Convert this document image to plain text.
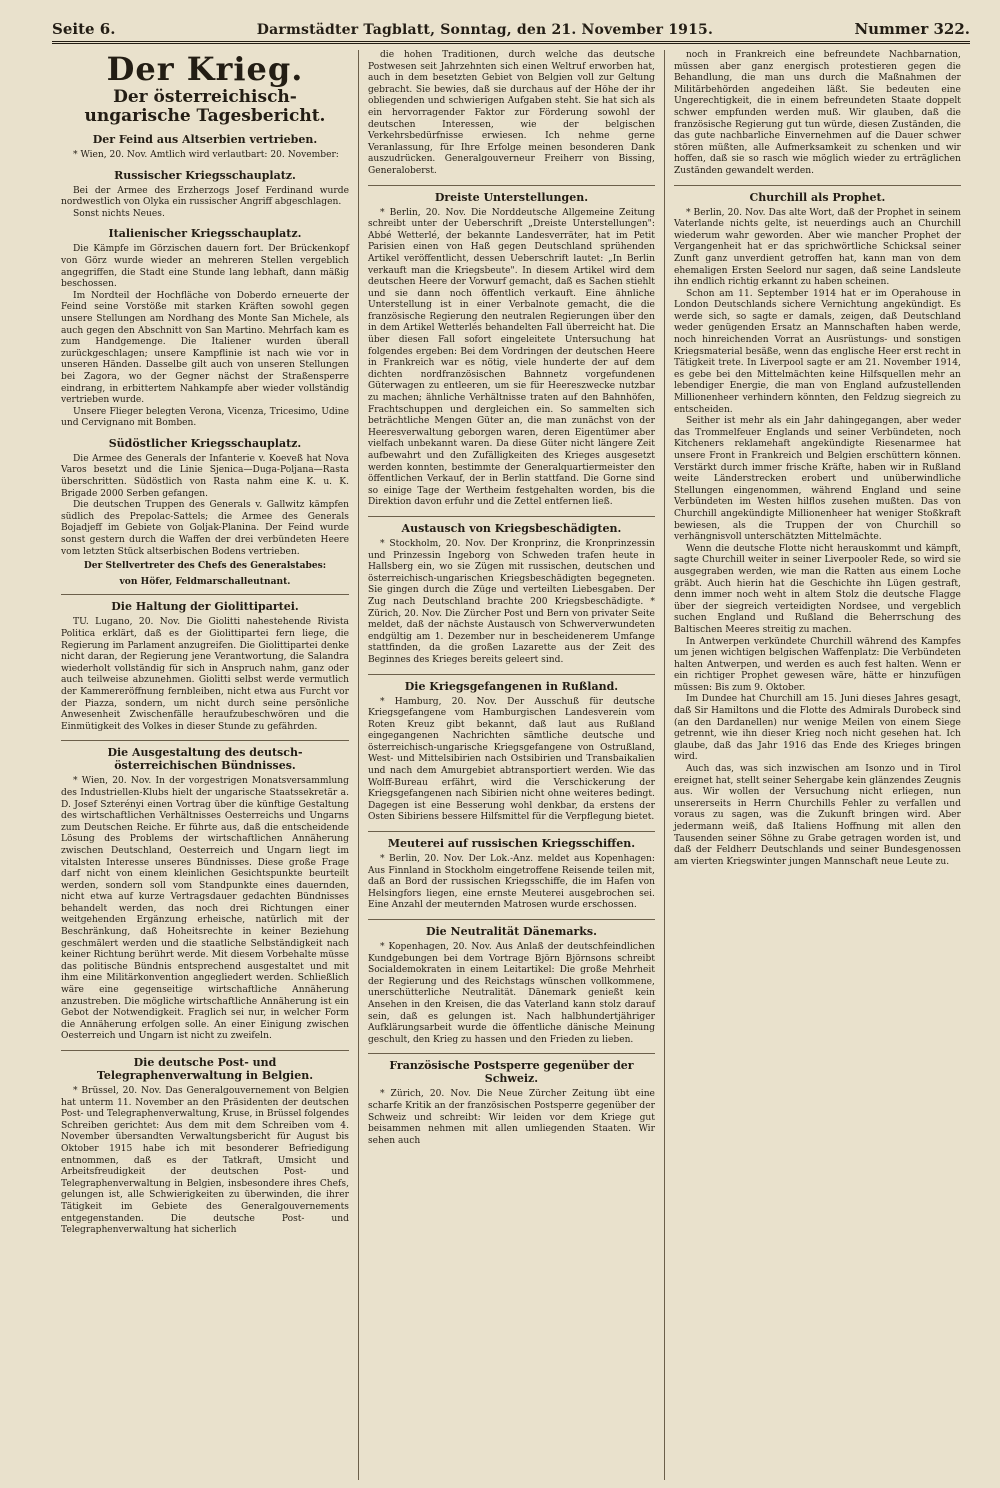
Seite 6.	Darmstädter Tagblatt, Sonntag, den 21. November 1915.	Nummer 322.
Der Krieg.
Der österreichisch-ungarische Tagesbericht.
Der Feind aus Altserbien vertrieben.

* Wien, 20. Nov. Amtlich wird verlautbart: 20. November:

Russischer Kriegsschauplatz.

Bei der Armee des Erzherzogs Josef Ferdinand wurde nordwestlich von Olyka ein russischer Angriff abgeschlagen.

Sonst nichts Neues.

Italienischer Kriegsschauplatz.

Die Kämpfe im Görzischen dauern fort. Der Brückenkopf von Görz wurde wieder an mehreren Stellen vergeblich angegriffen, die Stadt eine Stunde lang lebhaft, dann mäßig beschossen.

Im Nordteil der Hochfläche von Doberdo erneuerte der Feind seine Vorstöße mit starken Kräften sowohl gegen unsere Stellungen am Nordhang des Monte San Michele, als auch gegen den Abschnitt von San Martino. Mehrfach kam es zum Handgemenge. Die Italiener wurden überall zurückgeschlagen; unsere Kampflinie ist nach wie vor in unseren Händen. Dasselbe gilt auch von unseren Stellungen bei Zagora, wo der Gegner nächst der Straßensperre eindrang, in erbittertem Nahkampfe aber wieder vollständig vertrieben wurde.

Unsere Flieger belegten Verona, Vicenza, Tricesimo, Udine und Cervignano mit Bomben.

Südöstlicher Kriegsschauplatz.

Die Armee des Generals der Infanterie v. Koeveß hat Nova Varos besetzt und die Linie Sjenica—Duga-Poljana—Rasta überschritten. Südöstlich von Rasta nahm eine K. u. K. Brigade 2000 Serben gefangen.

Die deutschen Truppen des Generals v. Gallwitz kämpfen südlich des Prepolac-Sattels; die Armee des Generals Bojadjeff im Gebiete von Goljak-Planina. Der Feind wurde sonst gestern durch die Waffen der drei verbündeten Heere vom letzten Stück altserbischen Bodens vertrieben.

Der Stellvertreter des Chefs des Generalstabes:
von Höfer, Feldmarschalleutnant.
Die Haltung der Giolittipartei.

TU. Lugano, 20. Nov. Die Giolitti nahestehende Rivista Politica erklärt, daß es der Giolittipartei fern liege, die Regierung im Parlament anzugreifen. Die Giolittipartei denke nicht daran, der Regierung jene Verantwortung, die Salandra wiederholt vollständig für sich in Anspruch nahm, ganz oder auch teilweise abzunehmen. Giolitti selbst werde vermutlich der Kammereröffnung fernbleiben, nicht etwa aus Furcht vor der Piazza, sondern, um nicht durch seine persönliche Anwesenheit Zwischenfälle heraufzubeschwören und die Einmütigkeit des Volkes in dieser Stunde zu gefährden.

Die Ausgestaltung des deutsch-österreichischen Bündnisses.

* Wien, 20. Nov. In der vorgestrigen Monatsversammlung des Industriellen-Klubs hielt der ungarische Staatssekretär a. D. Josef Szterényi einen Vortrag über die künftige Gestaltung des wirtschaftlichen Verhältnisses Oesterreichs und Ungarns zum Deutschen Reiche. Er führte aus, daß die entscheidende Lösung des Problems der wirtschaftlichen Annäherung zwischen Deutschland, Oesterreich und Ungarn liegt im vitalsten Interesse unseres Bündnisses. Diese große Frage darf nicht von einem kleinlichen Gesichtspunkte beurteilt werden, sondern soll vom Standpunkte eines dauernden, nicht etwa auf kurze Vertragsdauer gedachten Bündnisses behandelt werden, das noch drei Richtungen einer weitgehenden Ergänzung erheische, natürlich mit der Beschränkung, daß Hoheitsrechte in keiner Beziehung geschmälert werden und die staatliche Selbständigkeit nach keiner Richtung berührt werde. Mit diesem Vorbehalte müsse das politische Bündnis entsprechend ausgestaltet und mit ihm eine Militärkonvention angegliedert werden. Schließlich wäre eine gegenseitige wirtschaftliche Annäherung anzustreben. Die mögliche wirtschaftliche Annäherung ist ein Gebot der Notwendigkeit. Fraglich sei nur, in welcher Form die Annäherung erfolgen solle. An einer Einigung zwischen Oesterreich und Ungarn ist nicht zu zweifeln.

Die deutsche Post- und Telegraphenverwaltung in Belgien.

* Brüssel, 20. Nov. Das Generalgouvernement von Belgien hat unterm 11. November an den Präsidenten der deutschen Post- und Telegraphenverwaltung, Kruse, in Brüssel folgendes Schreiben gerichtet: Aus dem mit dem Schreiben vom 4. November übersandten Verwaltungsbericht für August bis Oktober 1915 habe ich mit besonderer Befriedigung entnommen, daß es der Tatkraft, Umsicht und Arbeitsfreudigkeit der deutschen Post- und Telegraphenverwaltung in Belgien, insbesondere ihres Chefs, gelungen ist, alle Schwierigkeiten zu überwinden, die ihrer Tätigkeit im Gebiete des Generalgouvernements entgegenstanden. Die deutsche Post- und Telegraphenverwaltung hat sicherlich

die hohen Traditionen, durch welche das deutsche Postwesen seit Jahrzehnten sich einen Weltruf erworben hat, auch in dem besetzten Gebiet von Belgien voll zur Geltung gebracht. Sie bewies, daß sie durchaus auf der Höhe der ihr obliegenden und schwierigen Aufgaben steht. Sie hat sich als ein hervorragender Faktor zur Förderung sowohl der deutschen Interessen, wie der belgischen Verkehrsbedürfnisse erwiesen. Ich nehme gerne Veranlassung, für Ihre Erfolge meinen besonderen Dank auszudrücken. Generalgouverneur Freiherr von Bissing, Generaloberst.

Dreiste Unterstellungen.

* Berlin, 20. Nov. Die Norddeutsche Allgemeine Zeitung schreibt unter der Ueberschrift „Dreiste Unterstellungen": Abbé Wetterlé, der bekannte Landesverräter, hat im Petit Parisien einen von Haß gegen Deutschland sprühenden Artikel veröffentlicht, dessen Ueberschrift lautet: „In Berlin verkauft man die Kriegsbeute". In diesem Artikel wird dem deutschen Heere der Vorwurf gemacht, daß es Sachen stiehlt und sie dann noch öffentlich verkauft. Eine ähnliche Unterstellung ist in einer Verbalnote gemacht, die die französische Regierung den neutralen Regierungen über den in dem Artikel Wetterlés behandelten Fall überreicht hat. Die über diesen Fall sofort eingeleitete Untersuchung hat folgendes ergeben: Bei dem Vordringen der deutschen Heere in Frankreich war es nötig, viele hunderte der auf dem dichten nordfranzösischen Bahnnetz vorgefundenen Güterwagen zu entleeren, um sie für Heereszwecke nutzbar zu machen; ähnliche Verhältnisse traten auf den Bahnhöfen, Frachtschuppen und dergleichen ein. So sammelten sich beträchtliche Mengen Güter an, die man zunächst von der Heeresverwaltung geborgen waren, deren Eigentümer aber vielfach unbekannt waren. Da diese Güter nicht längere Zeit aufbewahrt und den Zufälligkeiten des Krieges ausgesetzt werden konnten, bestimmte der Generalquartiermeister den öffentlichen Verkauf, der in Berlin stattfand. Die Gorne sind so einige Tage der Wertheim festgehalten worden, bis die Direktion davon erfuhr und die Zettel entfernen ließ.

Austausch von Kriegsbeschädigten.

* Stockholm, 20. Nov. Der Kronprinz, die Kronprinzessin und Prinzessin Ingeborg von Schweden trafen heute in Hallsberg ein, wo sie Zügen mit russischen, deutschen und österreichisch-ungarischen Kriegsbeschädigten begegneten. Sie gingen durch die Züge und verteilten Liebesgaben. Der Zug nach Deutschland brachte 200 Kriegsbeschädigte. * Zürich, 20. Nov. Die Zürcher Post und Bern von privater Seite meldet, daß der nächste Austausch von Schwerverwundeten endgültig am 1. Dezember nur in bescheidenerem Umfange stattfinden, da die großen Lazarette aus der Zeit des Beginnes des Krieges bereits geleert sind.

Die Kriegsgefangenen in Rußland.

* Hamburg, 20. Nov. Der Ausschuß für deutsche Kriegsgefangene vom Hamburgischen Landesverein vom Roten Kreuz gibt bekannt, daß laut aus Rußland eingegangenen Nachrichten sämtliche deutsche und österreichisch-ungarische Kriegsgefangene von Ostrußland, West- und Mittelsibirien nach Ostsibirien und Transbaikalien und nach dem Amurgebiet abtransportiert werden. Wie das Wolff-Bureau erfährt, wird die Verschickerung der Kriegsgefangenen nach Sibirien nicht ohne weiteres bedingt. Dagegen ist eine Besserung wohl denkbar, da erstens der Osten Sibiriens bessere Hilfsmittel für die Verpflegung bietet.

Meuterei auf russischen Kriegsschiffen.

* Berlin, 20. Nov. Der Lok.-Anz. meldet aus Kopenhagen: Aus Finnland in Stockholm eingetroffene Reisende teilen mit, daß an Bord der russischen Kriegsschiffe, die im Hafen von Helsingfors liegen, eine ernste Meuterei ausgebrochen sei. Eine Anzahl der meuternden Matrosen wurde erschossen.

Die Neutralität Dänemarks.

* Kopenhagen, 20. Nov. Aus Anlaß der deutschfeindlichen Kundgebungen bei dem Vortrage Björn Björnsons schreibt Socialdemokraten in einem Leitartikel: Die große Mehrheit der Regierung und des Reichstags wünschen vollkommene, unerschütterliche Neutralität. Dänemark genießt kein Ansehen in den Kreisen, die das Vaterland kann stolz darauf sein, daß es gelungen ist. Nach halbhundertjähriger Aufklärungsarbeit wurde die öffentliche dänische Meinung geschult, den Krieg zu hassen und den Frieden zu lieben.

Französische Postsperre gegenüber der Schweiz.

* Zürich, 20. Nov. Die Neue Zürcher Zeitung übt eine scharfe Kritik an der französischen Postsperre gegenüber der Schweiz und schreibt: Wir leiden vor dem Kriege gut beisammen nehmen mit allen umliegenden Staaten. Wir sehen auch

noch in Frankreich eine befreundete Nachbarnation, müssen aber ganz energisch protestieren gegen die Behandlung, die man uns durch die Maßnahmen der Militärbehörden angedeihen läßt. Sie bedeuten eine Ungerechtigkeit, die in einem befreundeten Staate doppelt schwer empfunden werden muß. Wir glauben, daß die französische Regierung gut tun würde, diesen Zuständen, die das gute nachbarliche Einvernehmen auf die Dauer schwer stören müßten, alle Aufmerksamkeit zu schenken und wir hoffen, daß sie so rasch wie möglich wieder zu erträglichen Zuständen gewandelt werden.

Churchill als Prophet.

* Berlin, 20. Nov. Das alte Wort, daß der Prophet in seinem Vaterlande nichts gelte, ist neuerdings auch an Churchill wiederum wahr geworden. Aber wie mancher Prophet der Vergangenheit hat er das sprichwörtliche Schicksal seiner Zunft ganz unverdient getroffen hat, kann man von dem ehemaligen Ersten Seelord nur sagen, daß seine Landsleute ihn endlich richtig erkannt zu haben scheinen.

Schon am 11. September 1914 hat er im Operahouse in London Deutschlands sichere Vernichtung angekündigt. Es werde sich, so sagte er damals, zeigen, daß Deutschland weder genügenden Ersatz an Mannschaften haben werde, noch hinreichenden Vorrat an Ausrüstungs- und sonstigen Kriegsmaterial besäße, wenn das englische Heer erst recht in Tätigkeit trete. In Liverpool sagte er am 21. November 1914, es gebe bei den Mittelmächten keine Hilfsquellen mehr an lebendiger Energie, die man von England aufzustellenden Millionenheer verhindern könnten, den Feldzug siegreich zu entscheiden.

Seither ist mehr als ein Jahr dahingegangen, aber weder das Trommelfeuer Englands und seiner Verbündeten, noch Kitcheners reklamehaft angekündigte Riesenarmee hat unsere Front in Frankreich und Belgien erschüttern können. Verstärkt durch immer frische Kräfte, haben wir in Rußland weite Länderstrecken erobert und unüberwindliche Stellungen eingenommen, während England und seine Verbündeten im Westen hilflos zusehen mußten. Das von Churchill angekündigte Millionenheer hat weniger Stoßkraft bewiesen, als die Truppen der von Churchill so verhängnisvoll unterschätzten Mittelmächte.

Wenn die deutsche Flotte nicht herauskommt und kämpft, sagte Churchill weiter in seiner Liverpooler Rede, so wird sie ausgegraben werden, wie man die Ratten aus einem Loche gräbt. Auch hierin hat die Geschichte ihn Lügen gestraft, denn immer noch weht in altem Stolz die deutsche Flagge über der siegreich verteidigten Nordsee, und vergeblich suchen England und Rußland die Beherrschung des Baltischen Meeres streitig zu machen.

In Antwerpen verkündete Churchill während des Kampfes um jenen wichtigen belgischen Waffenplatz: Die Verbündeten halten Antwerpen, und werden es auch fest halten. Wenn er ein richtiger Prophet gewesen wäre, hätte er hinzufügen müssen: Bis zum 9. Oktober.

Im Dundee hat Churchill am 15. Juni dieses Jahres gesagt, daß Sir Hamiltons und die Flotte des Admirals Durobeck sind (an den Dardanellen) nur wenige Meilen von einem Siege getrennt, wie ihn dieser Krieg noch nicht gesehen hat. Ich glaube, daß das Jahr 1916 das Ende des Krieges bringen wird.

Auch das, was sich inzwischen am Isonzo und in Tirol ereignet hat, stellt seiner Sehergabe kein glänzendes Zeugnis aus. Wir wollen der Versuchung nicht erliegen, nun unsererseits in Herrn Churchills Fehler zu verfallen und voraus zu sagen, was die Zukunft bringen wird. Aber jedermann weiß, daß Italiens Hoffnung mit allen den Tausenden seiner Söhne zu Grabe getragen worden ist, und daß der Feldherr Deutschlands und seiner Bundesgenossen am vierten Kriegswinter jungen Mannschaft neue Leute zu.
